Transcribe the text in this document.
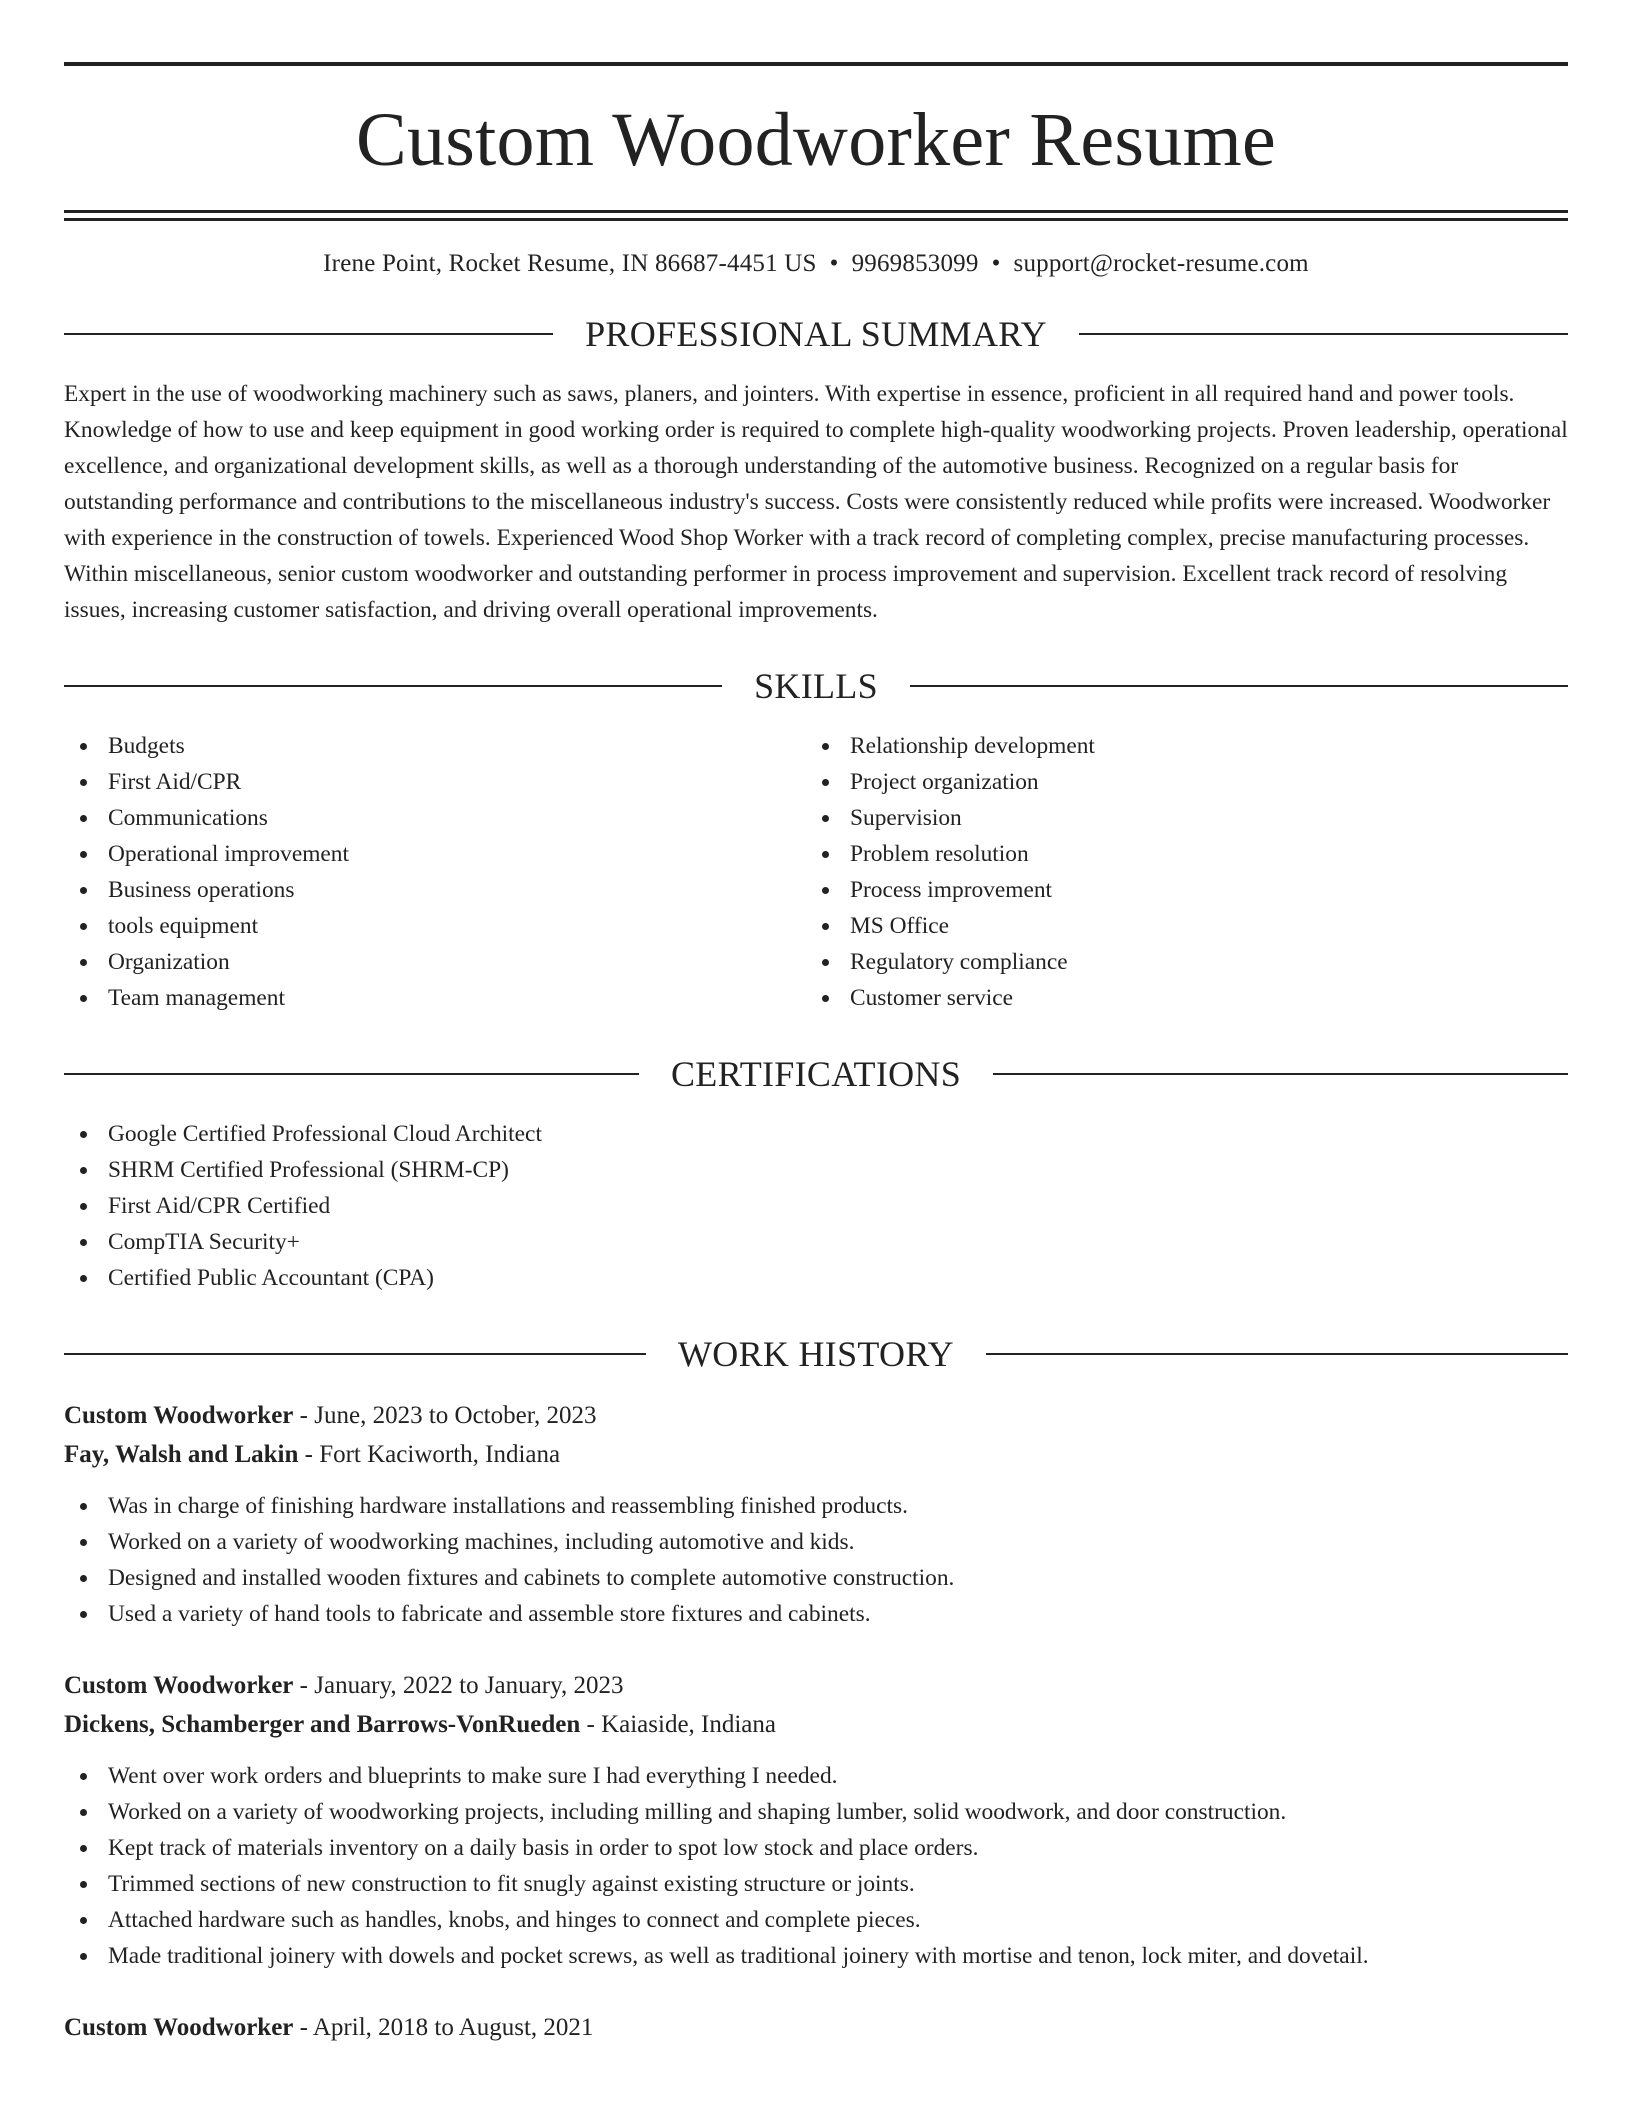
Custom Woodworker Resume
Irene Point, Rocket Resume, IN 86687-4451 US • 9969853099 • support@rocket-resume.com
PROFESSIONAL SUMMARY

Expert in the use of woodworking machinery such as saws, planers, and jointers. With expertise in essence, proficient in all required hand and power tools. Knowledge of how to use and keep equipment in good working order is required to complete high-quality woodworking projects. Proven leadership, operational excellence, and organizational development skills, as well as a thorough understanding of the automotive business. Recognized on a regular basis for outstanding performance and contributions to the miscellaneous industry's success. Costs were consistently reduced while profits were increased. Woodworker with experience in the construction of towels. Experienced Wood Shop Worker with a track record of completing complex, precise manufacturing processes. Within miscellaneous, senior custom woodworker and outstanding performer in process improvement and supervision. Excellent track record of resolving issues, increasing customer satisfaction, and driving overall operational improvements.

SKILLS
Budgets
First Aid/CPR
Communications
Operational improvement
Business operations
tools equipment
Organization
Team management
Relationship development
Project organization
Supervision
Problem resolution
Process improvement
MS Office
Regulatory compliance
Customer service
CERTIFICATIONS
Google Certified Professional Cloud Architect
SHRM Certified Professional (SHRM-CP)
First Aid/CPR Certified
CompTIA Security+
Certified Public Accountant (CPA)
WORK HISTORY
Custom Woodworker - June, 2023 to October, 2023
Fay, Walsh and Lakin - Fort Kaciworth, Indiana
Was in charge of finishing hardware installations and reassembling finished products.
Worked on a variety of woodworking machines, including automotive and kids.
Designed and installed wooden fixtures and cabinets to complete automotive construction.
Used a variety of hand tools to fabricate and assemble store fixtures and cabinets.
Custom Woodworker - January, 2022 to January, 2023
Dickens, Schamberger and Barrows-VonRueden - Kaiaside, Indiana
Went over work orders and blueprints to make sure I had everything I needed.
Worked on a variety of woodworking projects, including milling and shaping lumber, solid woodwork, and door construction.
Kept track of materials inventory on a daily basis in order to spot low stock and place orders.
Trimmed sections of new construction to fit snugly against existing structure or joints.
Attached hardware such as handles, knobs, and hinges to connect and complete pieces.
Made traditional joinery with dowels and pocket screws, as well as traditional joinery with mortise and tenon, lock miter, and dovetail.
Custom Woodworker - April, 2018 to August, 2021
